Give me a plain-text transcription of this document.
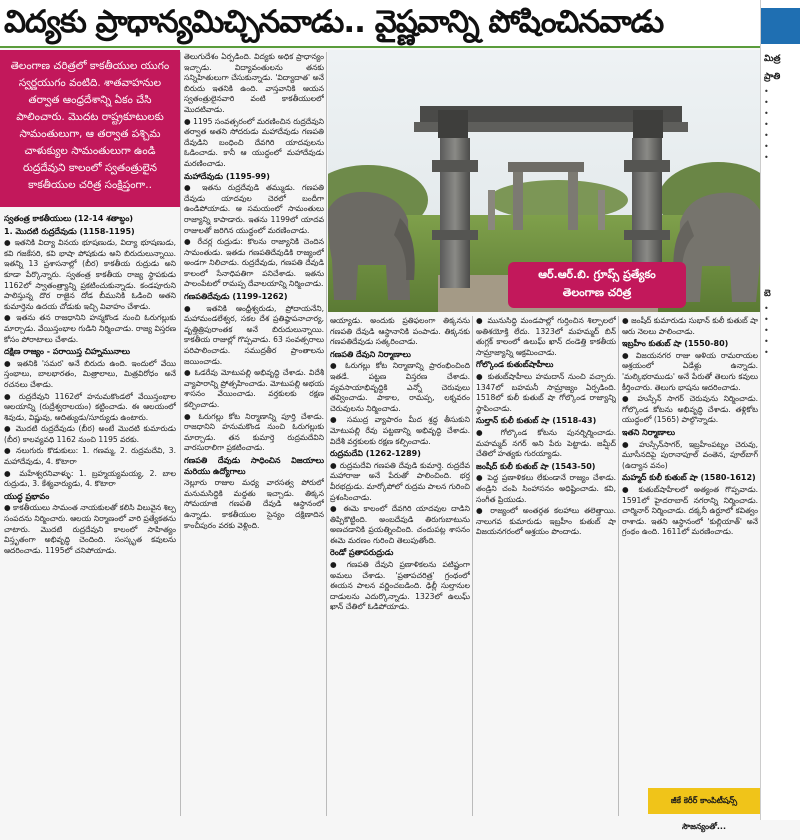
విద్యకు ప్రాధాన్యమిచ్చినవాడు.. వైష్ణవాన్ని పోషించినవాడు
మిత్ర
ప్రాతి
•
•
•
•
•
•
•
బె
•
•
•
•
•
తెలంగాణ చరిత్రలో కాకతీయుల యుగం స్వర్ణయుగం వంటిది. శాతవాహనుల తర్వాత ఆంధ్రదేశాన్ని ఏకం చేసి పాలించారు. మొదట రాష్ట్రకూటులకు సామంతులుగా, ఆ తర్వాత పశ్చిమ చాళుక్యుల సామంతులుగా ఉండి రుద్రదేవుని కాలంలో స్వతంత్రులైన కాకతీయుల చరిత్ర సంక్షిప్తంగా..
ఆర్.ఆర్.బి. గ్రూప్స్ ప్రత్యేకం
తెలంగాణ చరిత్ర
స్వతంత్ర కాకతీయులు (12-14 శతాబ్దం)
1. మొదటి రుద్రదేవుడు (1158-1195)

● ఇతనికి విద్యా వినయ భూషణుడు, విద్యా భూషణుడు, కవి గజకేసరి, కవి భాషా పోషకుడు అని బిరుదులున్నాయి. ఇతన్ని 13 ప్రశాసనాల్లో (బీర) కాకతీయ రుద్రుడు అని కూడా పేర్కొన్నారు. స్వతంత్ర కాకతీయ రాజ్య స్థాపకుడు 1162లో స్వాతంత్ర్యాన్ని ప్రకటించుకున్నాడు. కండపూరుని పాలిస్తున్న దొర రాజైన దోడ బీమునికి ఓడించి ఆతని కుమార్తెను ఉదయ చోడుకు ఇచ్చి వివాహం చేశాడు.

● ఇతను తన రాజధానిని హన్మకొండ నుంచి ఓరుగల్లుకు మార్చాడు. వేయిస్తంభాల గుడిని నిర్మించాడు. రాజ్య విస్తరణ కోసం పోరాటాలు చేశాడు.

దక్షిణ రాజ్యం - పరాయిస్త చిహ్నమునాలు

● ఇతనికి 'సమర' అనే బిరుదు ఉంది. ఇందులో వేయి స్తంభాలు, బాలభారతం, మిత్రాలాలు, మిత్రవిరోధం అనే రచనలు చేశాడు.

● రుద్రదేవుని 1162లో హనుమకొండలో వేయిస్తంభాల ఆలయాన్ని (రుద్రేశ్వరాలయం) కట్టించాడు. ఈ ఆలయంలో శివుడు, విష్ణువు, ఆదిత్యుడు/సూర్యుడు ఉంటారు.

● మొదటి రుద్రదేవుడు (బీర) అంటే మొదటి కుమారుడు (బీర) కాలవ్యవధి 1162 నుంచి 1195 వరకు.

● నలుగురు కొడుకులు: 1. గణమ్మ, 2. రుద్రమదేవి, 3. మహాదేవుడు, 4. కొటారా

● మహేశ్వరనివాళ్ళు: 1. బ్రహ్మయ్యమయ్య, 2. బాల రుద్రుడు, 3. కేశ్యవార్యుడు, 4. కొటారా

యుద్ధ ప్రభావం

● కాకతీయులు సామంత నాయకులతో కలిసి విలువైన శిల్ప సంపదను నిర్మించారు. ఆలయ నిర్మాణంలో వారి ప్రత్యేకతను చాటారు. మొదటి రుద్రదేవుని కాలంలో సాహిత్యం విస్తృతంగా అభివృద్ధి చెందింది. సంస్కృత కవులను ఆదరించాడు. 1195లో చనిపోయాడు.

తెలుగుదేశం ఏర్పడింది. విద్యకు అధిక ప్రాధాన్యం ఇచ్చాడు. విద్యావంతులను తనకు సన్నిహితులుగా చేసుకున్నాడు. 'విద్యాదాత' అనే బిరుదు ఇతనికి ఉంది. వాస్తవానికి ఆయన స్వతంత్రులైనవారి వంటి కాకతీయులలో మొదటివాడు.

● 1195 సంవత్సరంలో మరణించిన రుద్రదేవుని తర్వాత అతని సోదరుడు మహాదేవుడు గణపతి దేవుడిని బంధించి దేవగిరి యాదవులను ఓడించాడు. కానీ ఆ యుద్ధంలో మహాదేవుడు మరణించాడు.

మహాదేవుడు (1195-99)

● ఇతను రుద్రదేవుడి తమ్ముడు. గణపతి దేవుడు యాదవుల చెరలో బందీగా ఉండిపోయాడు. ఆ సమయంలో సామంతులు రాజ్యాన్ని కాపాడారు. ఇతను 1199లో యాదవ రాజులతో జరిగిన యుద్ధంలో మరణించాడు.

● రేచర్ల రుద్రుడు: కొలను రాజ్యానికి చెందిన సామంతుడు. ఇతడు గణపతిదేవుడికి రాజ్యంలో అండగా నిలిచాడు. రుద్రదేవుడు, గణపతి దేవుడి కాలంలో సేనాధిపతిగా పనిచేశాడు. ఇతను పాలంపేటలో రామప్ప దేవాలయాన్ని నిర్మించాడు.

గణపతిదేవుడు (1199-1262)

● ఇతనికి ఆంధ్రీశ్వరుడు, ప్రోదాయనేని, మహామండలేశ్వర, సకల దేశ ప్రతిష్ఠాపనాచార్య, వృత్తిత్రిపురాంతక అనే బిరుదులున్నాయి. కాకతీయ రాజుల్లో గొప్పవాడు. 63 సంవత్సరాలు పరిపాలించాడు. సముద్రతీర ప్రాంతాలను జయించాడు.

● ఓడరేవు మోటుపల్లి అభివృద్ధి చేశాడు. విదేశీ వ్యాపారాన్ని ప్రోత్సహించాడు. మోటుపల్లి అభయ శాసనం వేయించాడు. వర్తకులకు రక్షణ కల్పించాడు.

● ఓరుగల్లు కోట నిర్మాణాన్ని పూర్తి చేశాడు. రాజధానిని హనుమకొండ నుంచి ఓరుగల్లుకు మార్చాడు. తన కుమార్తె రుద్రమదేవిని వారసురాలిగా ప్రకటించాడు.

గణపతి దేవుడు సాధించిన విజయాలు మరియు ఉద్యోగాలు

నెల్లూరు రాజుల మధ్య వారసత్వ పోరులో మనుమసిద్ధికి మద్దతు ఇచ్చాడు. తిక్కన సోమయాజి గణపతి దేవుడి ఆస్థానంలో ఉన్నాడు. కాకతీయుల సైన్యం దక్షిణాదిన కాంచీపురం వరకు వెళ్లింది.

ఆయ్యాడు. అందుకు ప్రతిఫలంగా తిక్కనను గణపతి దేవుడి ఆస్థానానికి పంపాడు. తిక్కనకు గణపతిదేవుడు సత్కరించాడు.

గణపతి దేవుని నిర్మాణాలు

● ఓరుగల్లు కోట నిర్మాణాన్ని ప్రారంభించింది ఇతడే. పట్టణ విస్తరణ చేశాడు. వ్యవసాయాభివృద్ధికి ఎన్నో చెరువులు తవ్వించాడు. పాకాల, రామప్ప, లక్నవరం చెరువులను నిర్మించాడు.

● సముద్ర వ్యాపారం మీద శ్రద్ధ తీసుకుని మోటుపల్లి రేవు పట్టణాన్ని అభివృద్ధి చేశాడు. విదేశీ వర్తకులకు రక్షణ కల్పించాడు.

రుద్రమదేవి (1262-1289)

● రుద్రమదేవి గణపతి దేవుడి కుమార్తె. రుద్రదేవ మహారాజు అనే పేరుతో పాలించింది. భర్త వీరభద్రుడు. మార్కోపోలో రుద్రమ పాలన గురించి ప్రశంసించాడు.

● ఈమె కాలంలో దేవగిరి యాదవుల దాడిని తిప్పికొట్టింది. అంబదేవుడి తిరుగుబాటును అణచడానికి ప్రయత్నించింది. చందుపట్ల శాసనం ఈమె మరణం గురించి తెలుపుతోంది.

రెండో ప్రతాపరుద్రుడు

● గణపతి దేవుని ప్రణాళికలను పటిష్టంగా అమలు చేశాడు. 'ప్రతాపచరిత్ర' గ్రంథంలో ఈయన పాలన వర్ణించబడింది. ఢిల్లీ సుల్తానుల దాడులను ఎదుర్కొన్నాడు. 1323లో ఉలుఘ్ ఖాన్ చేతిలో ఓడిపోయాడు.

● మునుసిద్ధి మండపాల్లో గుర్తించిన శిల్పాలలో అతిశయోక్తి లేదు. 1323లో మహమ్మద్ బిన్ తుగ్లక్ కాలంలో ఉలుఘ్ ఖాన్ దండెత్తి కాకతీయ సామ్రాజ్యాన్ని ఆక్రమించాడు.

గోల్కొండ కుతుబ్‌షాహీలు

● కుతుబ్‌షాహీలు హమదాన్ నుంచి వచ్చారు. 1347లో బహమనీ సామ్రాజ్యం ఏర్పడింది. 1518లో కులీ కుతుబ్ షా గోల్కొండ రాజ్యాన్ని స్థాపించాడు.

సుల్తాన్ కులీ కుతుబ్ షా (1518-43)

● గోల్కొండ కోటను పునర్నిర్మించాడు. మహమ్మద్ నగర్ అని పేరు పెట్టాడు. జమ్షీద్ చేతిలో హత్యకు గురయ్యాడు.

జంషీద్ కులీ కుతుబ్ షా (1543-50)

● పెద్ద ప్రణాళికలు లేకుండానే రాజ్యం చేశాడు. తండ్రిని చంపి సింహాసనం అధిష్టించాడు. కవి, సంగీత ప్రియుడు.

● రాజ్యంలో అంతర్గత కలహాలు తలెత్తాయి. నాలుగవ కుమారుడు ఇబ్రహీం కుతుబ్ షా విజయనగరంలో ఆశ్రయం పొందాడు.

● జంషీద్ కుమారుడు సుభాన్ కులీ కుతుబ్ షా ఆరు నెలలు పాలించాడు.

ఇబ్రహీం కుతుబ్ షా (1550-80)

● విజయనగర రాజు ఆళియ రామరాయల ఆశ్రయంలో ఏడేళ్లు ఉన్నాడు. 'మల్కిభరాముడు' అనే పేరుతో తెలుగు కవులు కీర్తించారు. తెలుగు భాషను ఆదరించాడు.

● హుస్సేన్ సాగర్ చెరువును నిర్మించాడు. గోల్కొండ కోటను అభివృద్ధి చేశాడు. తళ్లికోట యుద్ధంలో (1565) పాల్గొన్నాడు.

ఇతని నిర్మాణాలు

● హుస్సేన్‌సాగర్, ఇబ్రహీంపట్నం చెరువు, మూసీనదిపై పురానాపూల్ వంతెన, పూల్‌బాగ్ (ఉద్యాన వనం)

మహ్మద్ కులీ కుతుబ్ షా (1580-1612)

● కుతుబ్‌షాహీలలో అత్యంత గొప్పవాడు. 1591లో హైదరాబాద్ నగరాన్ని నిర్మించాడు. చార్మినార్ నిర్మించాడు. దక్కనీ ఉర్దూలో కవిత్వం రాశాడు. ఇతని ఆస్థానంలో 'కుల్లియాత్' అనే గ్రంథం ఉంది. 1611లో మరణించాడు.

జీకే కెరీర్ కాంపిటీషన్స్ సౌజన్యంతో...
